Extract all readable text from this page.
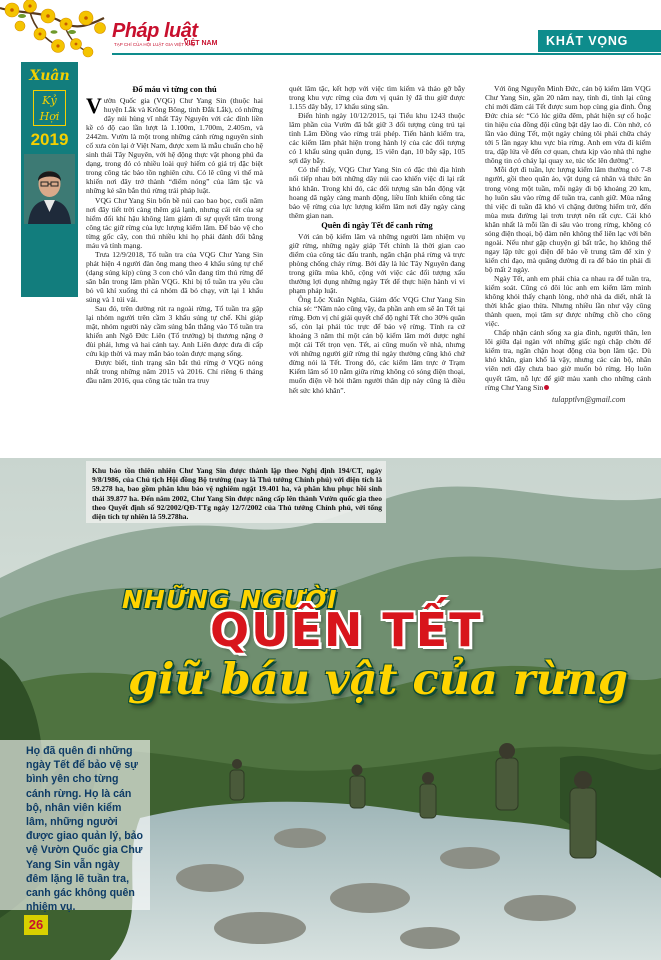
Pháp luật
TẠP CHÍ CỦA HỘI LUẬT GIA VIỆT NAM
VIỆT NAM	KHÁT VỌNG
Xuân
Kỷ Hợi
2019
TỰ LẬP
Đổ máu vì từng con thú

Vườn Quốc gia (VQG) Chư Yang Sin (thuộc hai huyện Lắk và Krông Bông, tỉnh Đắk Lắk), có những dãy núi hùng vĩ nhất Tây Nguyên với các đỉnh liền kề có độ cao lần lượt là 1.100m, 1.700m, 2.405m, và 2442m. Vườn là một trong những cánh rừng nguyên sinh cổ xưa còn lại ở Việt Nam, được xem là mẫu chuẩn cho hệ sinh thái Tây Nguyên, với hệ động thực vật phong phú đa dạng, trong đó có nhiều loài quý hiếm có giá trị đặc biệt trong công tác bảo tồn nghiên cứu. Có lẽ cũng vì thế mà khiến nơi đây trở thành “điểm nóng” của lâm tặc và những kẻ săn bắn thú rừng trái pháp luật.

VQG Chư Yang Sin bốn bề núi cao bao bọc, cuối năm nơi đây tiết trời càng thêm giá lạnh, nhưng cái rét của sự hiểm đối khí hậu không làm giảm đi sự quyết tâm trong công tác giữ rừng của lực lượng kiểm lâm. Để bảo vệ cho từng gốc cây, con thú nhiều khi họ phải đánh đổi bằng máu và tính mạng.

Trưa 12/9/2018, Tổ tuần tra của VQG Chư Yang Sin phát hiện 4 người đàn ông mang theo 4 khẩu súng tự chế (dạng súng kíp) cùng 3 con chó vẫn đang tìm thú rừng để săn bắn trong lâm phần VQG. Khi bị tổ tuần tra yêu cầu bỏ vũ khí xuống thì cả nhóm đã bỏ chạy, vứt lại 1 khẩu súng và 1 túi vải.

Sau đó, trên đường rút ra ngoài rừng, Tổ tuần tra gặp lại nhóm người trên cầm 3 khẩu súng tự chế. Khi giáp mặt, nhóm người này cầm súng bắn thẳng vào Tổ tuần tra khiến anh Ngô Đức Liên (Tổ trưởng) bị thương nặng ở đùi phải, lưng và hai cánh tay. Anh Liên được đưa đi cấp cứu kịp thời và may mắn bảo toàn được mạng sống.

Được biết, tình trạng săn bắt thú rừng ở VQG nóng nhất trong những năm 2015 và 2016. Chỉ riêng 6 tháng đầu năm 2016, qua công tác tuần tra truy

quét lâm tặc, kết hợp với việc tìm kiếm và tháo gỡ bẫy trong khu vực rừng của đơn vị quản lý đã thu giữ được 1.155 dây bẫy, 17 khẩu súng săn.

Điển hình ngày 10/12/2015, tại Tiểu khu 1243 thuộc lâm phần của Vườn đã bắt giữ 3 đối tượng cùng trú tại tỉnh Lâm Đồng vào rừng trái phép. Tiến hành kiểm tra, các kiểm lâm phát hiện trong hành lý của các đối tượng có 1 khẩu súng quân dụng, 15 viên đạn, 10 bẫy sập, 105 sợi dây bẫy.

Có thể thấy, VQG Chư Yang Sin có đặc thù địa hình nối tiếp nhau bởi những dãy núi cao khiến việc đi lại rất khó khăn. Trong khi đó, các đối tượng săn bắn động vật hoang dã ngày càng manh động, liều lĩnh khiến công tác bảo vệ rừng của lực lượng kiểm lâm nơi đây ngày càng thêm gian nan.

Quên đi ngày Tết để canh rừng

Với cán bộ kiểm lâm và những người làm nhiệm vụ giữ rừng, những ngày giáp Tết chính là thời gian cao điểm của công tác đấu tranh, ngăn chặn phá rừng và trực phòng chống cháy rừng. Bởi đây là lúc Tây Nguyên đang trong giữa mùa khô, cộng với việc các đối tượng xấu thường lợi dụng những ngày Tết để thực hiện hành vi vi phạm pháp luật.

Ông Lộc Xuân Nghĩa, Giám đốc VQG Chư Yang Sin chia sẻ: “Năm nào cũng vậy, đa phần anh em sẽ ăn Tết tại rừng. Đơn vị chỉ giải quyết chế độ nghỉ Tết cho 30% quân số, còn lại phải túc trực để bảo vệ rừng. Tính ra cứ khoảng 3 năm thì một cán bộ kiểm lâm mới được nghỉ một cái Tết trọn vẹn. Tết, ai cũng muốn về nhà, nhưng với những người giữ rừng thì ngày thường cũng khó chứ đừng nói là Tết. Trong đó, các kiểm lâm trực ở Trạm Kiểm lâm số 10 nằm giữa rừng không có sóng điện thoại, muốn điện về hỏi thăm người thân dịp này cũng là điều hết sức khó khăn”.

Với ông Nguyễn Minh Đức, cán bộ kiểm lâm VQG Chư Yang Sin, gần 20 năm nay, tính đi, tính lại cũng chỉ mới đâm cái Tết được sum họp cùng gia đình. Ông Đức chia sẻ: “Có lúc giữa đêm, phát hiện sự cố hoặc tin hiệu của đồng đội cũng bật dậy lao đi. Còn nhớ, có lần vào đúng Tết, một ngày chúng tôi phải chữa cháy tới 5 lần ngay khu vực bìa rừng. Anh em vừa đi kiểm tra, dập lửa về đến cơ quan, chưa kịp vào nhà thì nghe thông tin có cháy lại quay xe, túc tốc lên đường”.

Mỗi đợt đi tuần, lực lượng kiểm lâm thường có 7-8 người, gồi theo quân áo, vật dụng cá nhân và thức ăn trong vòng một tuần, mỗi ngày đi bộ khoảng 20 km, họ luôn sâu vào rừng để tuần tra, canh giữ. Mùa nắng thì việc đi tuần đã khó vì chặng đường hiểm trở, đến mùa mưa đường lại trơn trượt nên rất cực. Cái khó khăn nhất là mỗi lần đi sâu vào trong rừng, không có sóng điện thoại, bộ đàm nên không thể liên lạc với bên ngoài. Nếu như gặp chuyện gì bất trắc, họ không thể ngay lập tức gọi điện để báo về trung tâm để xin ý kiến chỉ đạo, mà quãng đường đi ra để báo tin phải đi bộ mất 2 ngày.

Ngày Tết, anh em phải chia ca nhau ra để tuần tra, kiểm soát. Cũng có đôi lúc anh em kiểm lâm mình không khỏi thấy chạnh lòng, nhớ nhà da diết, nhất là thời khắc giao thừa. Nhưng nhiều lần như vậy cũng thành quen, mọi tâm sự được những chồ cho công việc.

Chấp nhận cảnh sống xa gia đình, người thân, len lõi giữa đại ngàn với những giấc ngủ chập chờn để kiểm tra, ngăn chặn hoạt động của bọn lâm tặc. Dù khó khăn, gian khổ là vậy, nhưng các cán bộ, nhân viên nơi đây chưa bao giờ muốn bỏ rừng. Họ luôn quyết tâm, nỗ lực để giữ màu xanh cho những cánh rừng Chư Yang Sin

tulapptlvn@gmail.com
Khu bảo tồn thiên nhiên Chư Yang Sin được thành lập theo Nghị định 194/CT, ngày 9/8/1986, của Chủ tịch Hội đồng Bộ trưởng (nay là Thủ tướng Chính phủ) với diện tích là 59.278 ha, bao gồm phân khu bảo vệ nghiêm ngặt 19.401 ha, và phân khu phục hồi sinh thái 39.877 ha. Đến năm 2002, Chư Yang Sin được nâng cấp lên thành Vườn quốc gia theo theo Quyết định số 92/2002/QĐ-TTg ngày 12/7/2002 của Thủ tướng Chính phủ, với tổng diện tích tự nhiên là 59.278ha.
NHỮNG NGƯỜI
QUÊN TẾT
giữ báu vật của rừng
Họ đã quên đi những ngày Tết để bảo vệ sự bình yên cho từng cánh rừng. Họ là cán bộ, nhân viên kiểm lâm, những người được giao quản lý, bảo vệ Vườn Quốc gia Chư Yang Sin vẫn ngày đêm lặng lẽ tuần tra, canh gác không quên nhiệm vụ.
26
